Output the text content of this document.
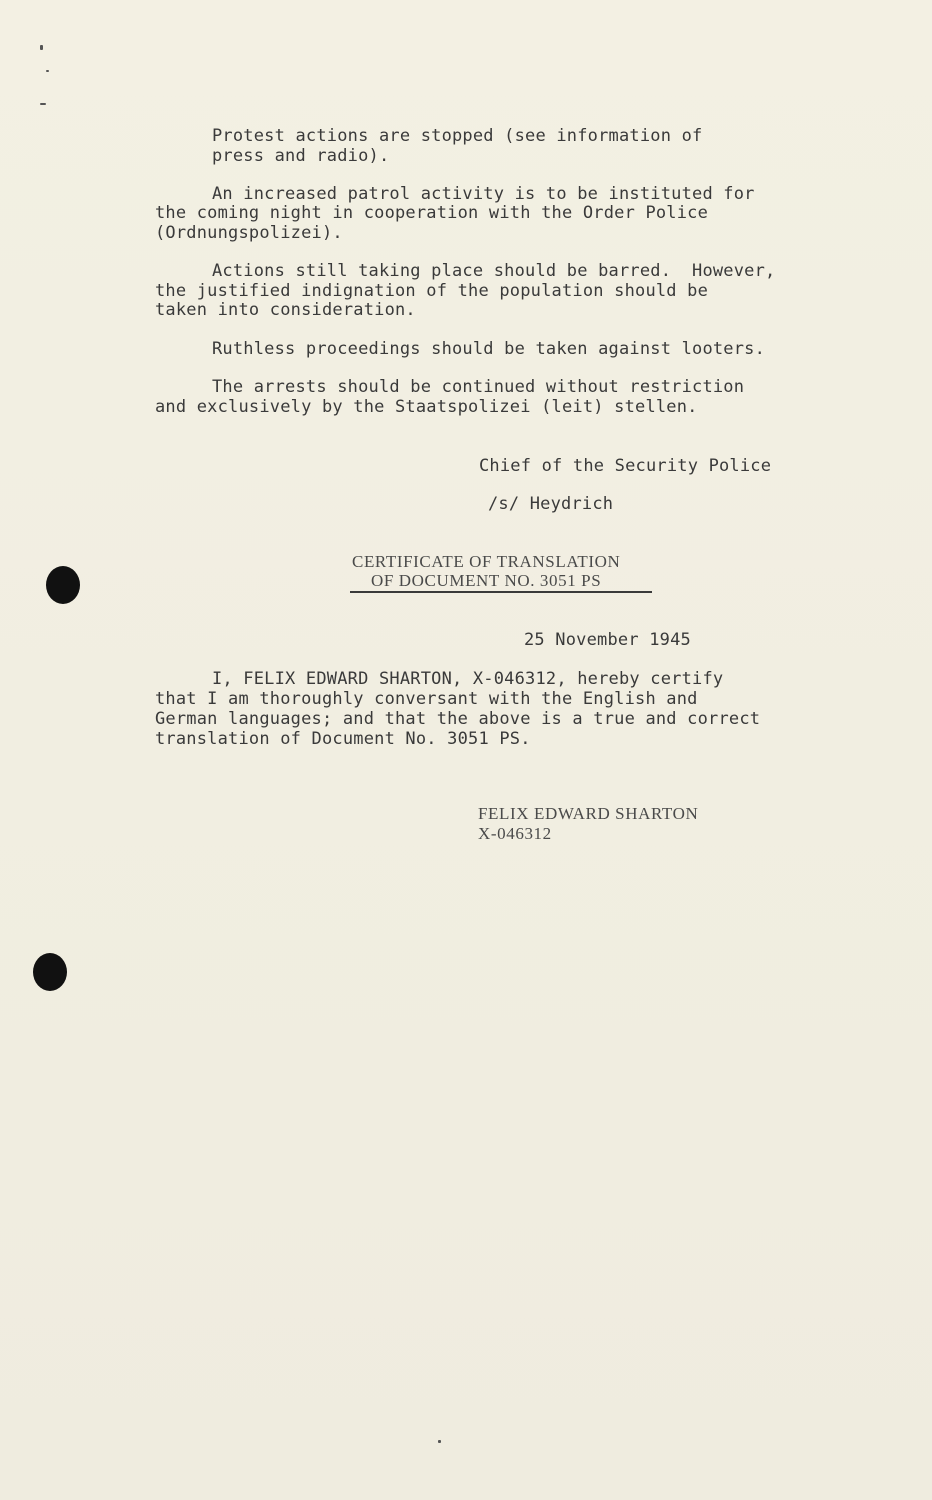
Protest actions are stopped (see information of
press and radio).
An increased patrol activity is to be instituted for
the coming night in cooperation with the Order Police
(Ordnungspolizei).
Actions still taking place should be barred.  However,
the justified indignation of the population should be
taken into consideration.
Ruthless proceedings should be taken against looters.
The arrests should be continued without restriction
and exclusively by the Staatspolizei (leit) stellen.
Chief of the Security Police
/s/ Heydrich
CERTIFICATE OF TRANSLATION
OF DOCUMENT NO. 3051 PS
25 November 1945
I, FELIX EDWARD SHARTON, X-046312, hereby certify
that I am thoroughly conversant with the English and
German languages; and that the above is a true and correct
translation of Document No. 3051 PS.
FELIX EDWARD SHARTON
X-046312
